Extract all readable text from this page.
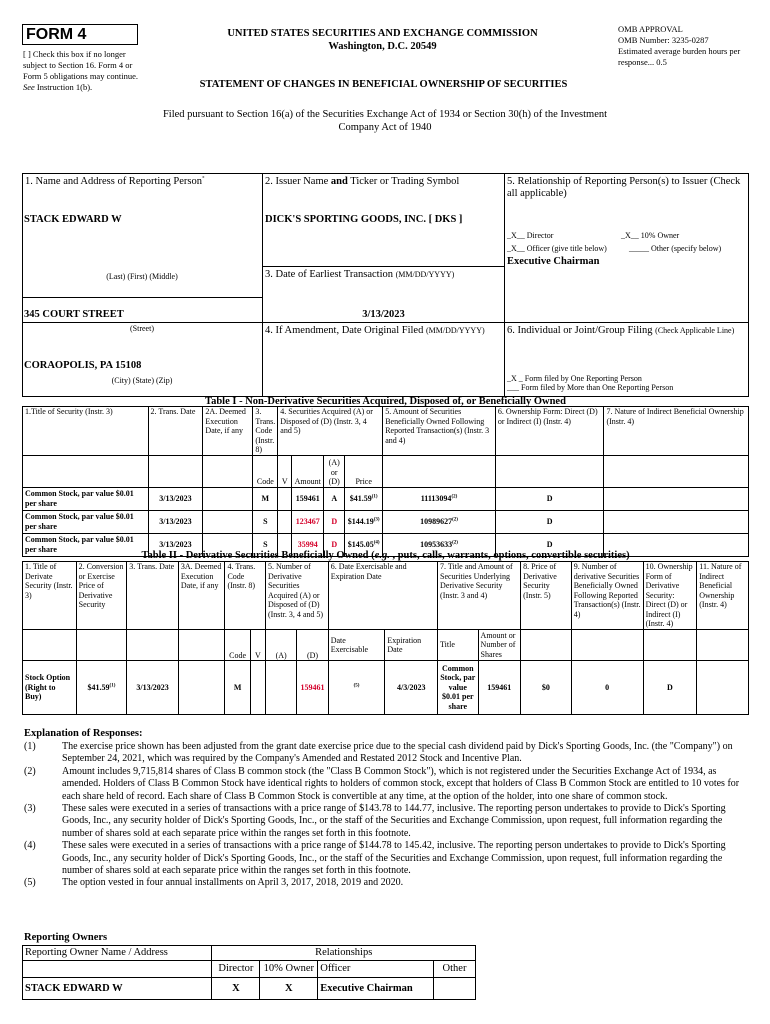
FORM 4
[ ] Check this box if no longer subject to Section 16. Form 4 or Form 5 obligations may continue. See Instruction 1(b).
UNITED STATES SECURITIES AND EXCHANGE COMMISSION
Washington, D.C. 20549
STATEMENT OF CHANGES IN BENEFICIAL OWNERSHIP OF SECURITIES
OMB APPROVAL
OMB Number: 3235-0287
Estimated average burden hours per response... 0.5
Filed pursuant to Section 16(a) of the Securities Exchange Act of 1934 or Section 30(h) of the Investment Company Act of 1940
1. Name and Address of Reporting Person*
STACK EDWARD W
(Last) (First) (Middle)
345 COURT STREET
(Street)
CORAOPOLIS, PA 15108
(City) (State) (Zip)
2. Issuer Name and Ticker or Trading Symbol
DICK'S SPORTING GOODS, INC. [ DKS ]
3. Date of Earliest Transaction (MM/DD/YYYY)
3/13/2023
4. If Amendment, Date Original Filed (MM/DD/YYYY)
5. Relationship of Reporting Person(s) to Issuer (Check all applicable)
_X__ Director	_X__ 10% Owner
_X__ Officer (give title below)	_____ Other (specify below)
Executive Chairman
6. Individual or Joint/Group Filing (Check Applicable Line)
_X _ Form filed by One Reporting Person
___ Form filed by More than One Reporting Person
Table I - Non-Derivative Securities Acquired, Disposed of, or Beneficially Owned
1.Title of Security (Instr. 3)	2. Trans. Date	2A. Deemed Execution Date, if any	3. Trans. Code (Instr. 8)	4. Securities Acquired (A) or Disposed of (D) (Instr. 3, 4 and 5)				5. Amount of Securities Beneficially Owned Following Reported Transaction(s) (Instr. 3 and 4)	6. Ownership Form: Direct (D) or Indirect (I) (Instr. 4)	7. Nature of Indirect Beneficial Ownership (Instr. 4)
			Code	V	Amount	(A) or (D)	Price			
Common Stock, par value $0.01 per share	3/13/2023		M		159461	A	$41.59$^{(1)}$	11113094$^{(2)}$	D	
Common Stock, par value $0.01 per share	3/13/2023		S		123467	D	$144.19$^{(3)}$	10989627$^{(2)}$	D	
Common Stock, par value $0.01 per share	3/13/2023		S		35994	D	$145.05$^{(4)}$	10953633$^{(2)}$	D	
Table II - Derivative Securities Beneficially Owned (e.g. , puts, calls, warrants, options, convertible securities)
1. Title of Derivate Security (Instr. 3)	2. Conversion or Exercise Price of Derivative Security	3. Trans. Date	3A. Deemed Execution Date, if any	4. Trans. Code (Instr. 8)		5. Number of Derivative Securities Acquired (A) or Disposed of (D) (Instr. 3, 4 and 5)		6. Date Exercisable and Expiration Date		7. Title and Amount of Securities Underlying Derivative Security (Instr. 3 and 4)		8. Price of Derivative Security (Instr. 5)	9. Number of derivative Securities Beneficially Owned Following Reported Transaction(s) (Instr. 4)	10. Ownership Form of Derivative Security: Direct (D) or Indirect (I) (Instr. 4)	11. Nature of Indirect Beneficial Ownership (Instr. 4)
				Code	V	(A)	(D)	Date Exercisable	Expiration Date	Title	Amount or Number of Shares				
Stock Option (Right to Buy)	$41.59$^{(1)}$	3/13/2023		M			159461	$^{(5)}$	4/3/2023	Common Stock, par value $0.01 per share	159461	$0	0	D	
Explanation of Responses:
(1)	The exercise price shown has been adjusted from the grant date exercise price due to the special cash dividend paid by Dick's Sporting Goods, Inc. (the "Company") on September 24, 2021, which was required by the Company's Amended and Restated 2012 Stock and Incentive Plan.
(2)	Amount includes 9,715,814 shares of Class B common stock (the "Class B Common Stock"), which is not registered under the Securities Exchange Act of 1934, as amended. Holders of Class B Common Stock have identical rights to holders of common stock, except that holders of Class B Common Stock are entitled to 10 votes for each share held of record. Each share of Class B Common Stock is convertible at any time, at the option of the holder, into one share of common stock.
(3)	These sales were executed in a series of transactions with a price range of $143.78 to 144.77, inclusive. The reporting person undertakes to provide to Dick's Sporting Goods, Inc., any security holder of Dick's Sporting Goods, Inc., or the staff of the Securities and Exchange Commission, upon request, full information regarding the number of shares sold at each separate price within the ranges set forth in this footnote.
(4)	These sales were executed in a series of transactions with a price range of $144.78 to 145.42, inclusive. The reporting person undertakes to provide to Dick's Sporting Goods, Inc., any security holder of Dick's Sporting Goods, Inc., or the staff of the Securities and Exchange Commission, upon request, full information regarding the number of shares sold at each separate price within the ranges set forth in this footnote.
(5)	The option vested in four annual installments on April 3, 2017, 2018, 2019 and 2020.
Reporting Owners
Reporting Owner Name / Address	Relationships			
	Director	10% Owner	Officer	Other
STACK EDWARD W	X	X	Executive Chairman	
